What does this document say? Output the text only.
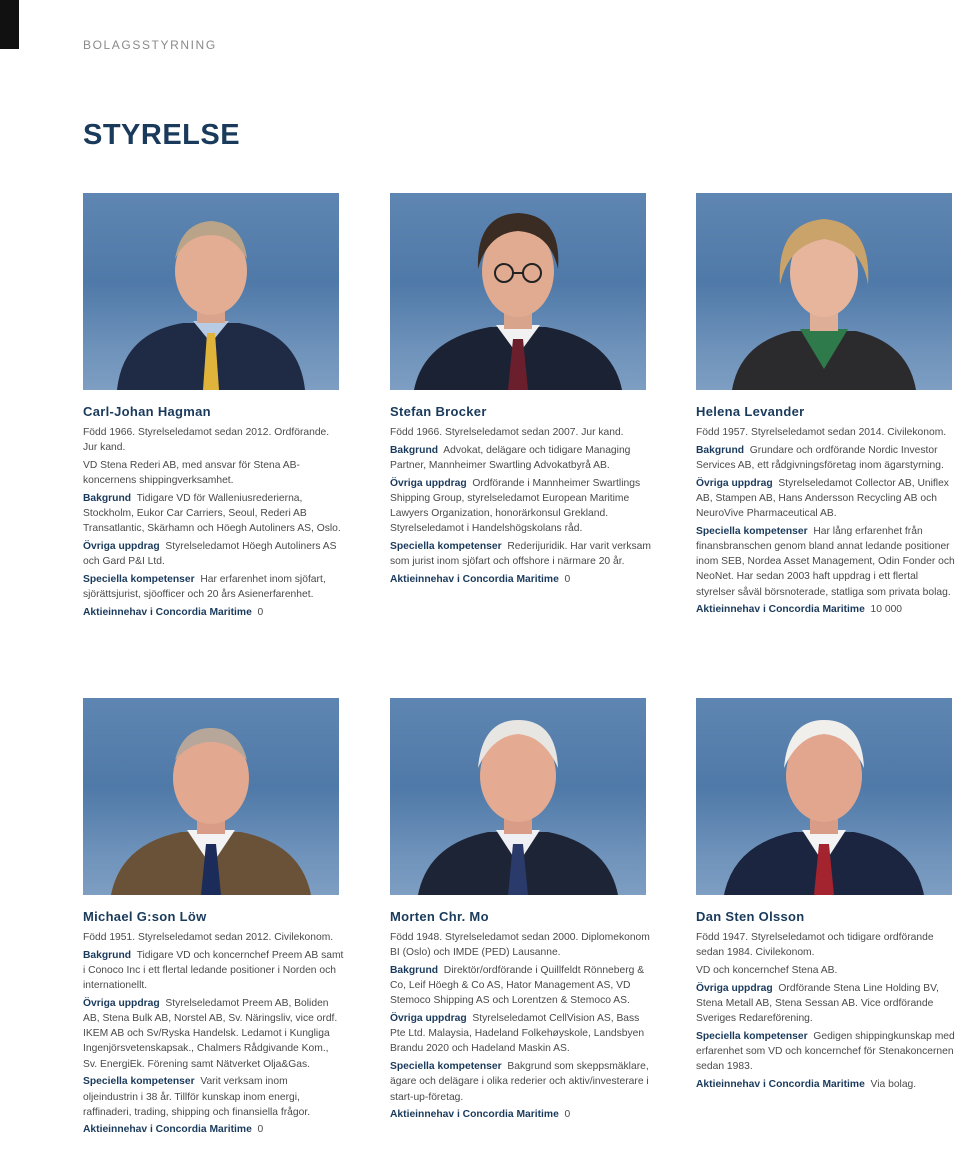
BOLAGSSTYRNING
STYRELSE
Carl-Johan Hagman

Född 1966. Styrelseledamot sedan 2012. Ordförande. Jur kand.

VD Stena Rederi AB, med ansvar för Stena AB-koncernens shippingverksamhet.

Bakgrund Tidigare VD för Walleniusrederierna, Stockholm, Eukor Car Carriers, Seoul, Rederi AB Transatlantic, Skärhamn och Höegh Autoliners AS, Oslo.

Övriga uppdrag Styrelseledamot Höegh Autoliners AS och Gard P&I Ltd.

Speciella kompetenser Har erfarenhet inom sjöfart, sjörättsjurist, sjöofficer och 20 års Asienerfarenhet.

Aktieinnehav i Concordia Maritime 0

Stefan Brocker

Född 1966. Styrelseledamot sedan 2007. Jur kand.

Bakgrund Advokat, delägare och tidigare Managing Partner, Mannheimer Swartling Advokatbyrå AB.

Övriga uppdrag Ordförande i Mannheimer Swartlings Shipping Group, styrelseledamot European Maritime Lawyers Organization, honorärkonsul Grekland. Styrelseledamot i Handelshögskolans råd.

Speciella kompetenser Rederijuridik. Har varit verksam som jurist inom sjöfart och offshore i närmare 20 år.

Aktieinnehav i Concordia Maritime 0

Helena Levander

Född 1957. Styrelseledamot sedan 2014. Civilekonom.

Bakgrund Grundare och ordförande Nordic Investor Services AB, ett rådgivningsföretag inom ägarstyrning.

Övriga uppdrag Styrelseledamot Collector AB, Uniflex AB, Stampen AB, Hans Andersson Recycling AB och NeuroVive Pharmaceutical AB.

Speciella kompetenser Har lång erfarenhet från finansbranschen genom bland annat ledande positioner inom SEB, Nordea Asset Management, Odin Fonder och NeoNet. Har sedan 2003 haft uppdrag i ett flertal styrelser såväl börsnoterade, statliga som privata bolag.

Aktieinnehav i Concordia Maritime 10 000

Michael G:son Löw

Född 1951. Styrelseledamot sedan 2012. Civilekonom.

Bakgrund Tidigare VD och koncernchef Preem AB samt i Conoco Inc i ett flertal ledande positioner i Norden och internationellt.

Övriga uppdrag Styrelseledamot Preem AB, Boliden AB, Stena Bulk AB, Norstel AB, Sv. Näringsliv, vice ordf. IKEM AB och Sv/Ryska Handelsk. Ledamot i Kungliga Ingenjörsvetenskapsak., Chalmers Rådgivande Kom., Sv. EnergiEk. Förening samt Nätverket Olja&Gas.

Speciella kompetenser Varit verksam inom oljeindustrin i 38 år. Tillför kunskap inom energi, raffinaderi, trading, shipping och finansiella frågor.

Aktieinnehav i Concordia Maritime 0

Morten Chr. Mo

Född 1948. Styrelseledamot sedan 2000. Diplomekonom BI (Oslo) och IMDE (PED) Lausanne.

Bakgrund Direktör/ordförande i Quillfeldt Rönneberg & Co, Leif Höegh & Co AS, Hator Management AS, VD Stemoco Shipping AS och Lorentzen & Stemoco AS.

Övriga uppdrag Styrelseledamot CellVision AS, Bass Pte Ltd. Malaysia, Hadeland Folkehøyskole, Landsbyen Brandu 2020 och Hadeland Maskin AS.

Speciella kompetenser Bakgrund som skeppsmäklare, ägare och delägare i olika rederier och aktiv/investerare i start-up-företag.

Aktieinnehav i Concordia Maritime 0

Dan Sten Olsson

Född 1947. Styrelseledamot och tidigare ordförande sedan 1984. Civilekonom.

VD och koncernchef Stena AB.

Övriga uppdrag Ordförande Stena Line Holding BV, Stena Metall AB, Stena Sessan AB. Vice ordförande Sveriges Redareförening.

Speciella kompetenser Gedigen shippingkunskap med erfarenhet som VD och koncernchef för Stenakoncernen sedan 1983.

Aktieinnehav i Concordia Maritime Via bolag.
